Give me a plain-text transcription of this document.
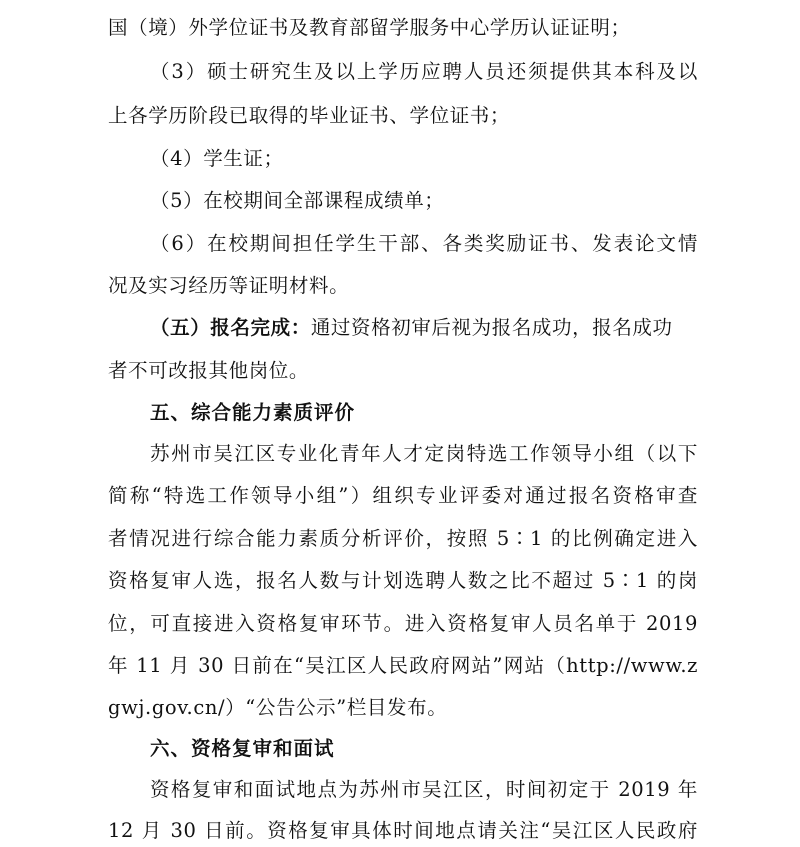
国（境）外学位证书及教育部留学服务中心学历认证证明；
（3）硕士研究生及以上学历应聘人员还须提供其本科及以
上各学历阶段已取得的毕业证书、学位证书；
（4）学生证；
（5）在校期间全部课程成绩单；
（6）在校期间担任学生干部、各类奖励证书、发表论文情
况及实习经历等证明材料。
（五）报名完成：通过资格初审后视为报名成功，报名成功
者不可改报其他岗位。
五、综合能力素质评价
苏州市吴江区专业化青年人才定岗特选工作领导小组（以下
简称“特选工作领导小组”）组织专业评委对通过报名资格审查
者情况进行综合能力素质分析评价，按照 5∶1 的比例确定进入
资格复审人选，报名人数与计划选聘人数之比不超过 5∶1 的岗
位，可直接进入资格复审环节。进入资格复审人员名单于 2019
年 11 月 30 日前在“吴江区人民政府网站”网站（http://www.z
gwj.gov.cn/）“公告公示”栏目发布。
六、资格复审和面试
资格复审和面试地点为苏州市吴江区，时间初定于 2019 年
12 月 30 日前。资格复审具体时间地点请关注“吴江区人民政府
